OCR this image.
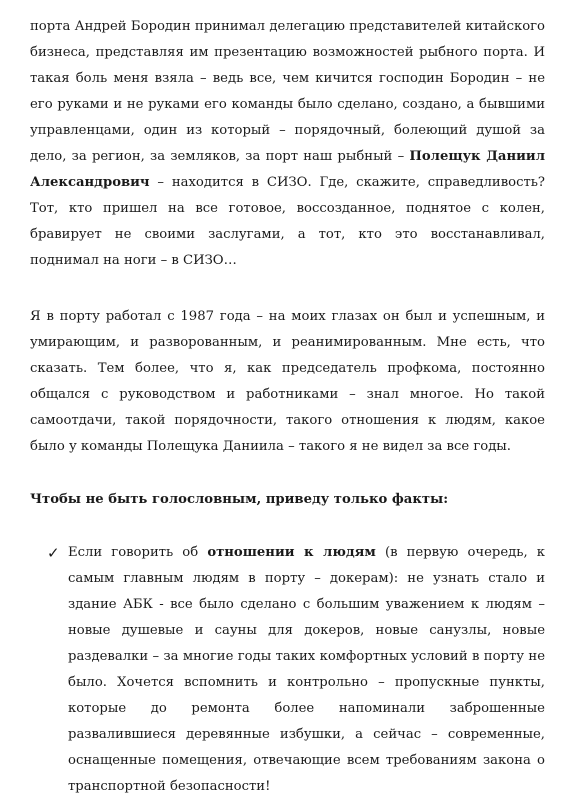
порта Андрей Бородин принимал делегацию представителей китайского бизнеса, представляя им презентацию возможностей рыбного порта. И такая боль меня взяла – ведь все, чем кичится господин Бородин – не его руками и не руками его команды было сделано, создано, а бывшими управленцами, один из который – порядочный, болеющий душой за дело, за регион, за земляков, за порт наш рыбный – Полещук Даниил Александрович – находится в СИЗО. Где, скажите, справедливость? Тот, кто пришел на все готовое, воссозданное, поднятое с колен, бравирует не своими заслугами, а тот, кто это восстанавливал, поднимал на ноги – в СИЗО…

Я в порту работал с 1987 года – на моих глазах он был и успешным, и умирающим, и разворованным, и реанимированным. Мне есть, что сказать. Тем более, что я, как председатель профкома, постоянно общался с руководством и работниками – знал многое. Но такой самоотдачи, такой порядочности, такого отношения к людям, какое было у команды Полещука Даниила – такого я не видел за все годы.

Чтобы не быть голословным, приведу только факты:

✓ Если говорить об отношении к людям (в первую очередь, к самым главным людям в порту – докерам): не узнать стало и здание АБК - все было сделано с большим уважением к людям – новые душевые и сауны для докеров, новые санузлы, новые раздевалки – за многие годы таких комфортных условий в порту не было. Хочется вспомнить и контрольно – пропускные пункты, которые до ремонта более напоминали заброшенные развалившиеся деревянные избушки, а сейчас – современные, оснащенные помещения, отвечающие всем требованиям закона о транспортной безопасности!
